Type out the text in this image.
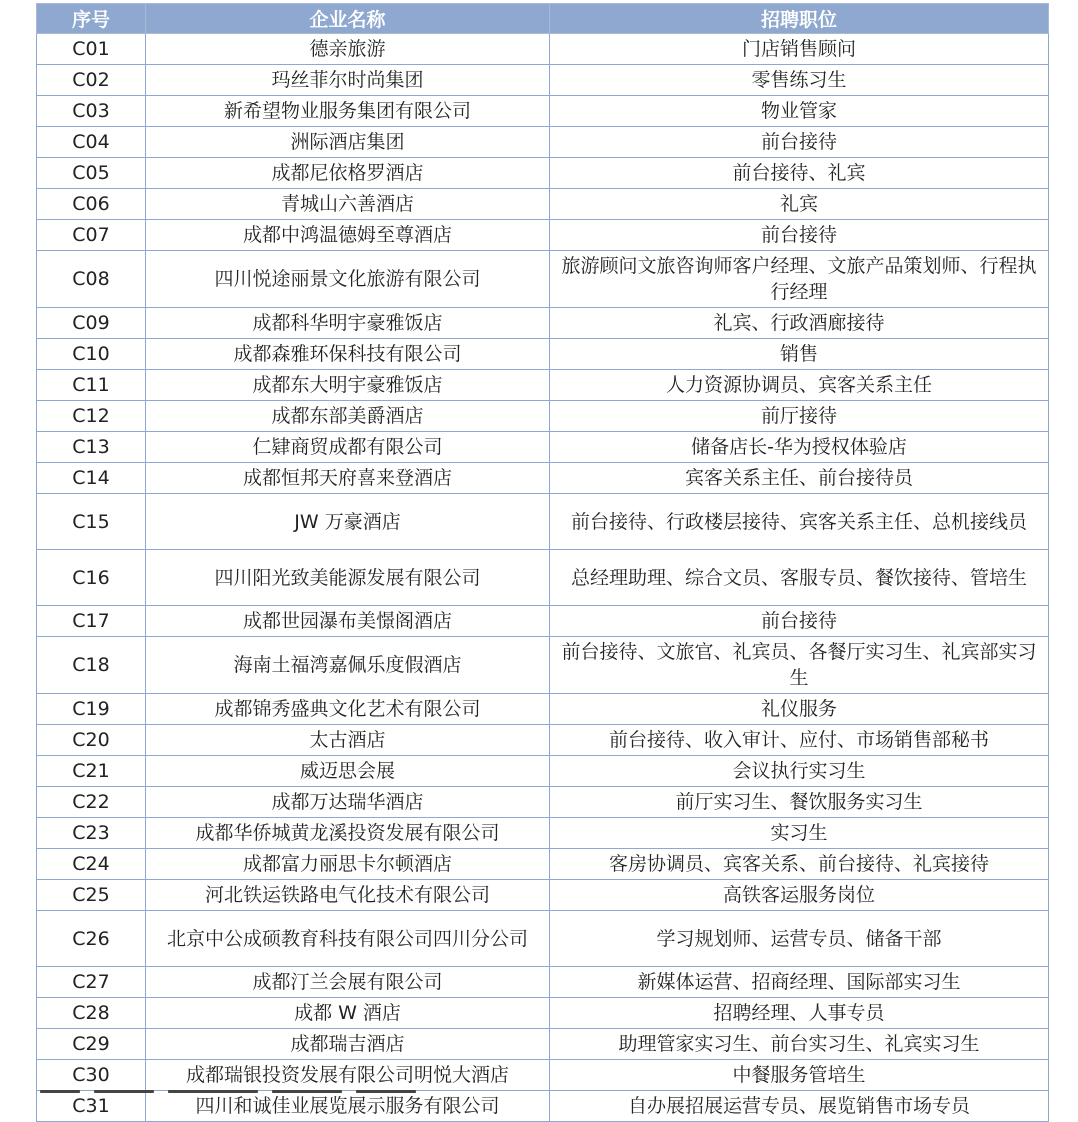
序号	企业名称	招聘职位
C01	德亲旅游	门店销售顾问
C02	玛丝菲尔时尚集团	零售练习生
C03	新希望物业服务集团有限公司	物业管家
C04	洲际酒店集团	前台接待
C05	成都尼依格罗酒店	前台接待、礼宾
C06	青城山六善酒店	礼宾
C07	成都中鸿温德姆至尊酒店	前台接待
C08	四川悦途丽景文化旅游有限公司	旅游顾问文旅咨询师客户经理、文旅产品策划师、行程执行经理
C09	成都科华明宇豪雅饭店	礼宾、行政酒廊接待
C10	成都森雅环保科技有限公司	销售
C11	成都东大明宇豪雅饭店	人力资源协调员、宾客关系主任
C12	成都东部美爵酒店	前厅接待
C13	仁肄商贸成都有限公司	储备店长-华为授权体验店
C14	成都恒邦天府喜来登酒店	宾客关系主任、前台接待员
C15	JW 万豪酒店	前台接待、行政楼层接待、宾客关系主任、总机接线员
C16	四川阳光致美能源发展有限公司	总经理助理、综合文员、客服专员、餐饮接待、管培生
C17	成都世园瀑布美憬阁酒店	前台接待
C18	海南土福湾嘉佩乐度假酒店	前台接待、文旅官、礼宾员、各餐厅实习生、礼宾部实习生
C19	成都锦秀盛典文化艺术有限公司	礼仪服务
C20	太古酒店	前台接待、收入审计、应付、市场销售部秘书
C21	威迈思会展	会议执行实习生
C22	成都万达瑞华酒店	前厅实习生、餐饮服务实习生
C23	成都华侨城黄龙溪投资发展有限公司	实习生
C24	成都富力丽思卡尔顿酒店	客房协调员、宾客关系、前台接待、礼宾接待
C25	河北铁运铁路电气化技术有限公司	高铁客运服务岗位
C26	北京中公成硕教育科技有限公司四川分公司	学习规划师、运营专员、储备干部
C27	成都汀兰会展有限公司	新媒体运营、招商经理、国际部实习生
C28	成都 W 酒店	招聘经理、人事专员
C29	成都瑞吉酒店	助理管家实习生、前台实习生、礼宾实习生
C30	成都瑞银投资发展有限公司明悦大酒店	中餐服务管培生
C31	四川和诚佳业展览展示服务有限公司	自办展招展运营专员、展览销售市场专员
